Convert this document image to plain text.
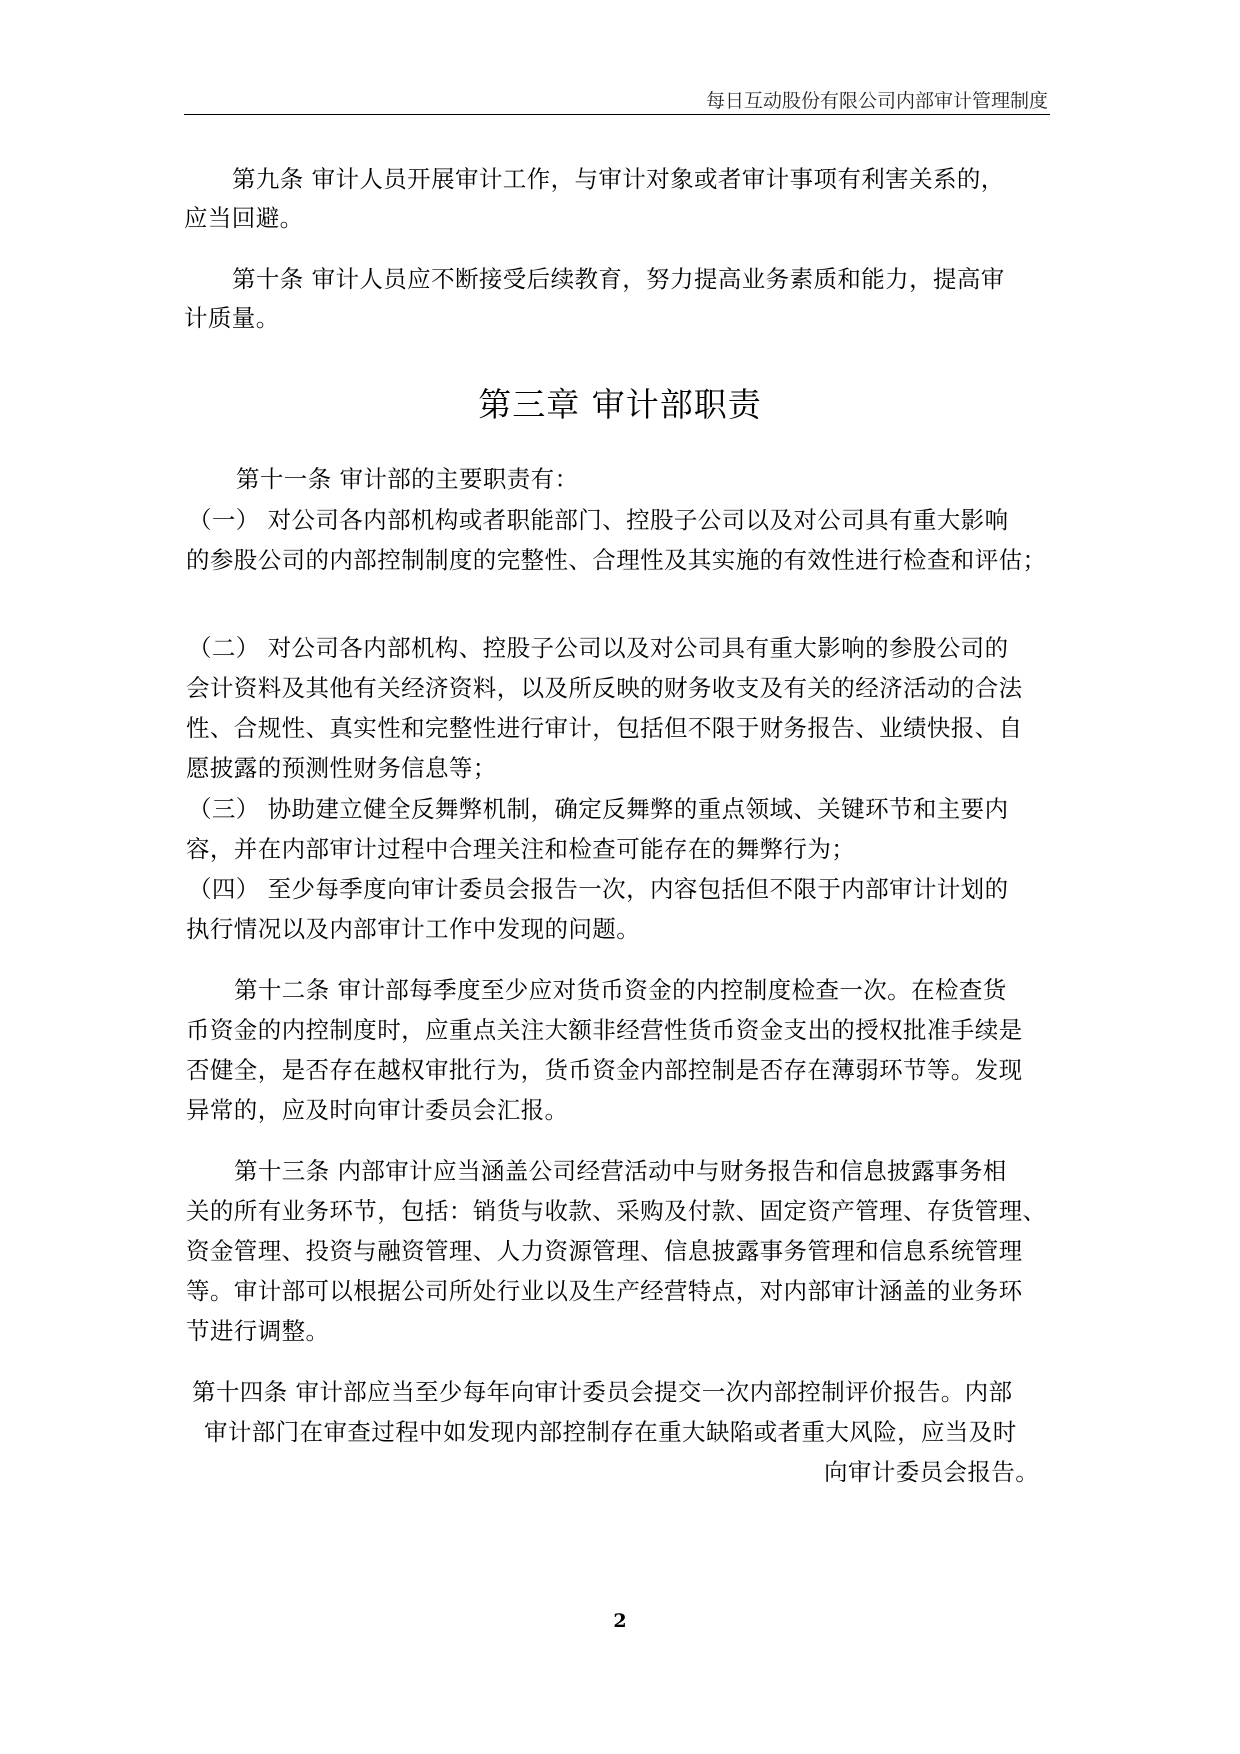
每日互动股份有限公司内部审计管理制度
第九条 审计人员开展审计工作，与审计对象或者审计事项有利害关系的，
应当回避。
第十条 审计人员应不断接受后续教育，努力提高业务素质和能力，提高审
计质量。
第三章 审计部职责
第十一条 审计部的主要职责有：
（一） 对公司各内部机构或者职能部门、控股子公司以及对公司具有重大影响
的参股公司的内部控制制度的完整性、合理性及其实施的有效性进行检查和评估；
（二） 对公司各内部机构、控股子公司以及对公司具有重大影响的参股公司的
会计资料及其他有关经济资料，以及所反映的财务收支及有关的经济活动的合法
性、合规性、真实性和完整性进行审计，包括但不限于财务报告、业绩快报、自
愿披露的预测性财务信息等；
（三） 协助建立健全反舞弊机制，确定反舞弊的重点领域、关键环节和主要内
容，并在内部审计过程中合理关注和检查可能存在的舞弊行为；
（四） 至少每季度向审计委员会报告一次，内容包括但不限于内部审计计划的
执行情况以及内部审计工作中发现的问题。
第十二条 审计部每季度至少应对货币资金的内控制度检查一次。在检查货
币资金的内控制度时，应重点关注大额非经营性货币资金支出的授权批准手续是
否健全，是否存在越权审批行为，货币资金内部控制是否存在薄弱环节等。发现
异常的，应及时向审计委员会汇报。
第十三条 内部审计应当涵盖公司经营活动中与财务报告和信息披露事务相
关的所有业务环节，包括：销货与收款、采购及付款、固定资产管理、存货管理、
资金管理、投资与融资管理、人力资源管理、信息披露事务管理和信息系统管理
等。审计部可以根据公司所处行业以及生产经营特点，对内部审计涵盖的业务环
节进行调整。
第十四条 审计部应当至少每年向审计委员会提交一次内部控制评价报告。内部
审计部门在审查过程中如发现内部控制存在重大缺陷或者重大风险，应当及时
向审计委员会报告。
2
